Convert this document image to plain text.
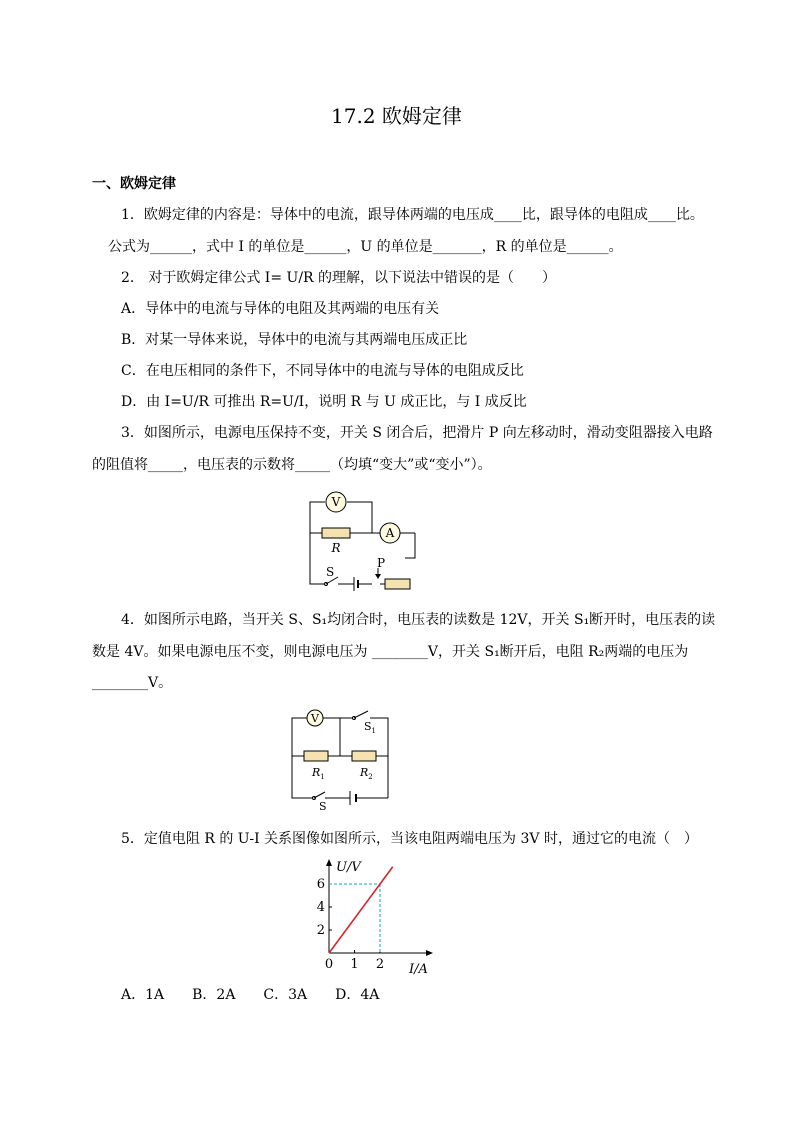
17.2 欧姆定律
一、欧姆定律
1．欧姆定律的内容是：导体中的电流，跟导体两端的电压成____比，跟导体的电阻成____比。
公式为______，式中 I 的单位是______，U 的单位是_______，R 的单位是______。
2． 对于欧姆定律公式 I= U/R 的理解，以下说法中错误的是（　　）
A．导体中的电流与导体的电阻及其两端的电压有关
B．对某一导体来说，导体中的电流与其两端电压成正比
C．在电压相同的条件下，不同导体中的电流与导体的电阻成反比
D．由 I=U/R 可推出 R=U/I，说明 R 与 U 成正比，与 I 成反比
3．如图所示，电源电压保持不变，开关 S 闭合后，把滑片 P 向左移动时，滑动变阻器接入电路
的阻值将_____，电压表的示数将_____（均填“变大”或“变小”）。
V
R
A
S
P
4．如图所示电路，当开关 S、S₁均闭合时，电压表的读数是 12V，开关 S₁断开时，电压表的读
数是 4V。如果电源电压不变，则电源电压为 ________V，开关 S₁断开后，电阻 R₂两端的电压为
________V。
V
$S_1$
$R_1$	$R_2$
S
5．定值电阻 R 的 U-I 关系图像如图所示，当该电阻两端电压为 3V 时，通过它的电流（　）
I/A
U/V
0 1 2
2
4
6
A．1A　　B．2A　　C．3A　　D．4A
